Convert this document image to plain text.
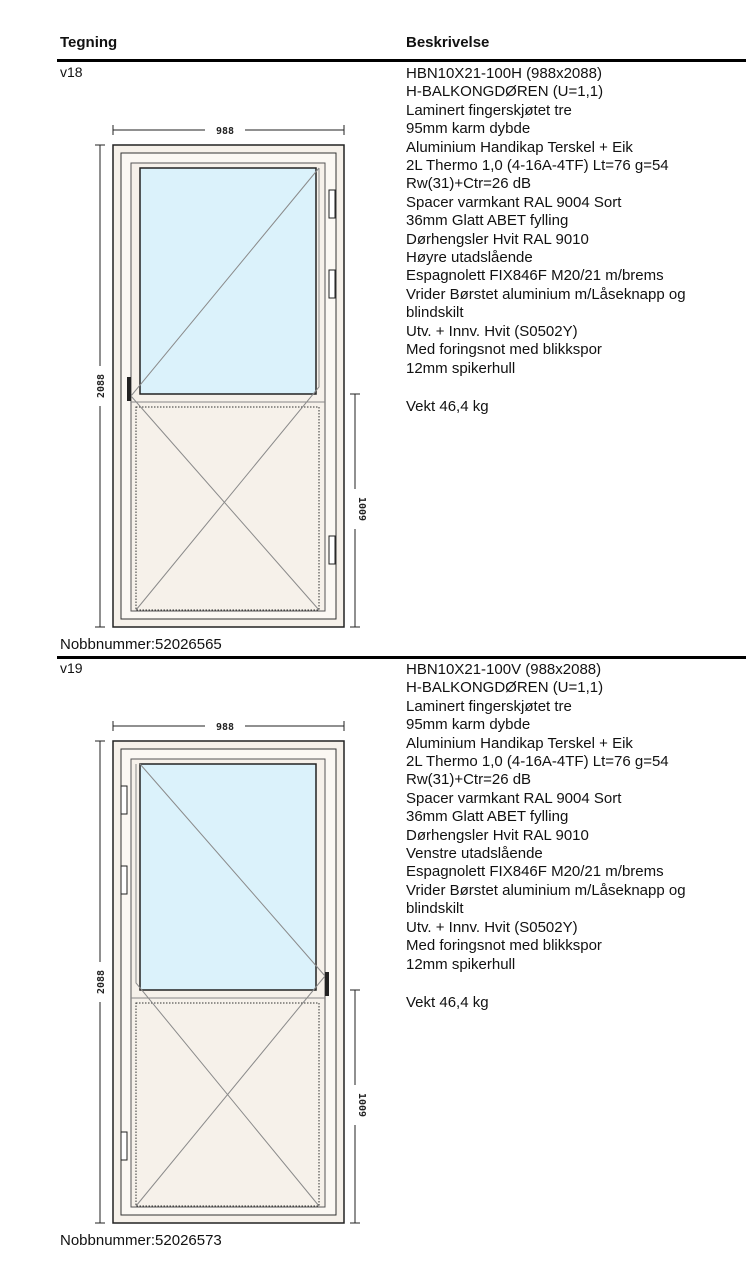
Tegning	Beskrivelse
v18
988
2088
1009
HBN10X21-100H (988x2088)
H-BALKONGDØREN (U=1,1)
Laminert fingerskjøtet tre
95mm karm dybde
Aluminium Handikap Terskel + Eik
2L Thermo 1,0 (4-16A-4TF) Lt=76 g=54
Rw(31)+Ctr=26 dB
Spacer varmkant RAL 9004 Sort
36mm Glatt ABET fylling
Dørhengsler Hvit RAL 9010
Høyre utadslående
Espagnolett FIX846F M20/21 m/brems
Vrider Børstet aluminium m/Låseknapp og
blindskilt
Utv. + Innv. Hvit (S0502Y)
Med foringsnot med blikkspor
12mm spikerhull
Vekt 46,4 kg
Nobbnummer:52026565
v19
988
2088
1009
HBN10X21-100V (988x2088)
H-BALKONGDØREN (U=1,1)
Laminert fingerskjøtet tre
95mm karm dybde
Aluminium Handikap Terskel + Eik
2L Thermo 1,0 (4-16A-4TF) Lt=76 g=54
Rw(31)+Ctr=26 dB
Spacer varmkant RAL 9004 Sort
36mm Glatt ABET fylling
Dørhengsler Hvit RAL 9010
Venstre utadslående
Espagnolett FIX846F M20/21 m/brems
Vrider Børstet aluminium m/Låseknapp og
blindskilt
Utv. + Innv. Hvit (S0502Y)
Med foringsnot med blikkspor
12mm spikerhull
Vekt 46,4 kg
Nobbnummer:52026573
